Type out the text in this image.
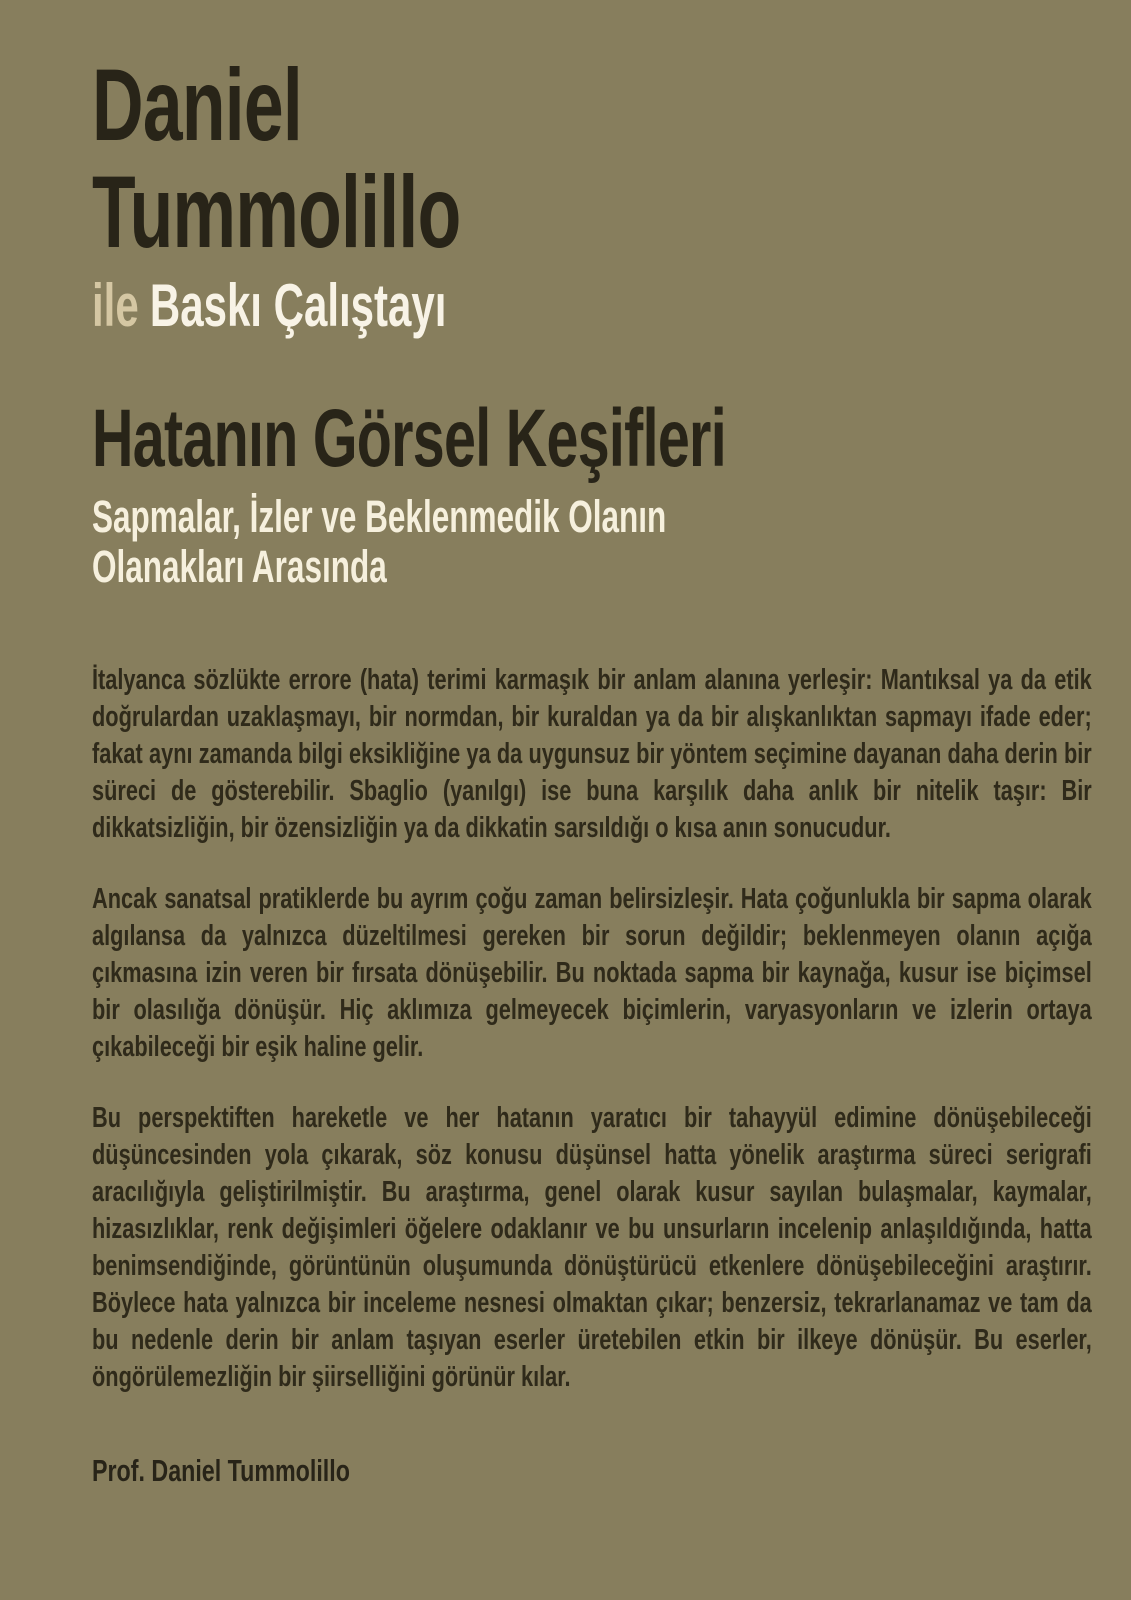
Daniel
Tummolillo
ile Baskı Çalıştayı
Hatanın Görsel Keşifleri
Sapmalar, İzler ve Beklenmedik Olanın
Olanakları Arasında

İtalyanca sözlükte errore (hata) terimi karmaşık bir anlam alanına yerleşir: Mantıksal ya da etik doğrulardan uzaklaşmayı, bir normdan, bir kuraldan ya da bir alışkanlıktan sapmayı ifade eder; fakat aynı zamanda bilgi eksikliğine ya da uygunsuz bir yöntem seçimine dayanan daha derin bir süreci de gösterebilir. Sbaglio (yanılgı) ise buna karşılık daha anlık bir nitelik taşır: Bir dikkatsizliğin, bir özensizliğin ya da dikkatin sarsıldığı o kısa anın sonucudur.

Ancak sanatsal pratiklerde bu ayrım çoğu zaman belirsizleşir. Hata çoğunlukla bir sapma olarak algılansa da yalnızca düzeltilmesi gereken bir sorun değildir; beklenmeyen olanın açığa çıkmasına izin veren bir fırsata dönüşebilir. Bu noktada sapma bir kaynağa, kusur ise biçimsel bir olasılığa dönüşür. Hiç aklımıza gelmeyecek biçimlerin, varyasyonların ve izlerin ortaya çıkabileceği bir eşik haline gelir.

Bu perspektiften hareketle ve her hatanın yaratıcı bir tahayyül edimine dönüşebileceği düşüncesinden yola çıkarak, söz konusu düşünsel hatta yönelik araştırma süreci serigrafi aracılığıyla geliştirilmiştir. Bu araştırma, genel olarak kusur sayılan bulaşmalar, kaymalar, hizasızlıklar, renk değişimleri öğelere odaklanır ve bu unsurların incelenip anlaşıldığında, hatta benimsendiğinde, görüntünün oluşumunda dönüştürücü etkenlere dönüşebileceğini araştırır. Böylece hata yalnızca bir inceleme nesnesi olmaktan çıkar; benzersiz, tekrarlanamaz ve tam da bu nedenle derin bir anlam taşıyan eserler üretebilen etkin bir ilkeye dönüşür. Bu eserler, öngörülemezliğin bir şiirselliğini görünür kılar.

Prof. Daniel Tummolillo
